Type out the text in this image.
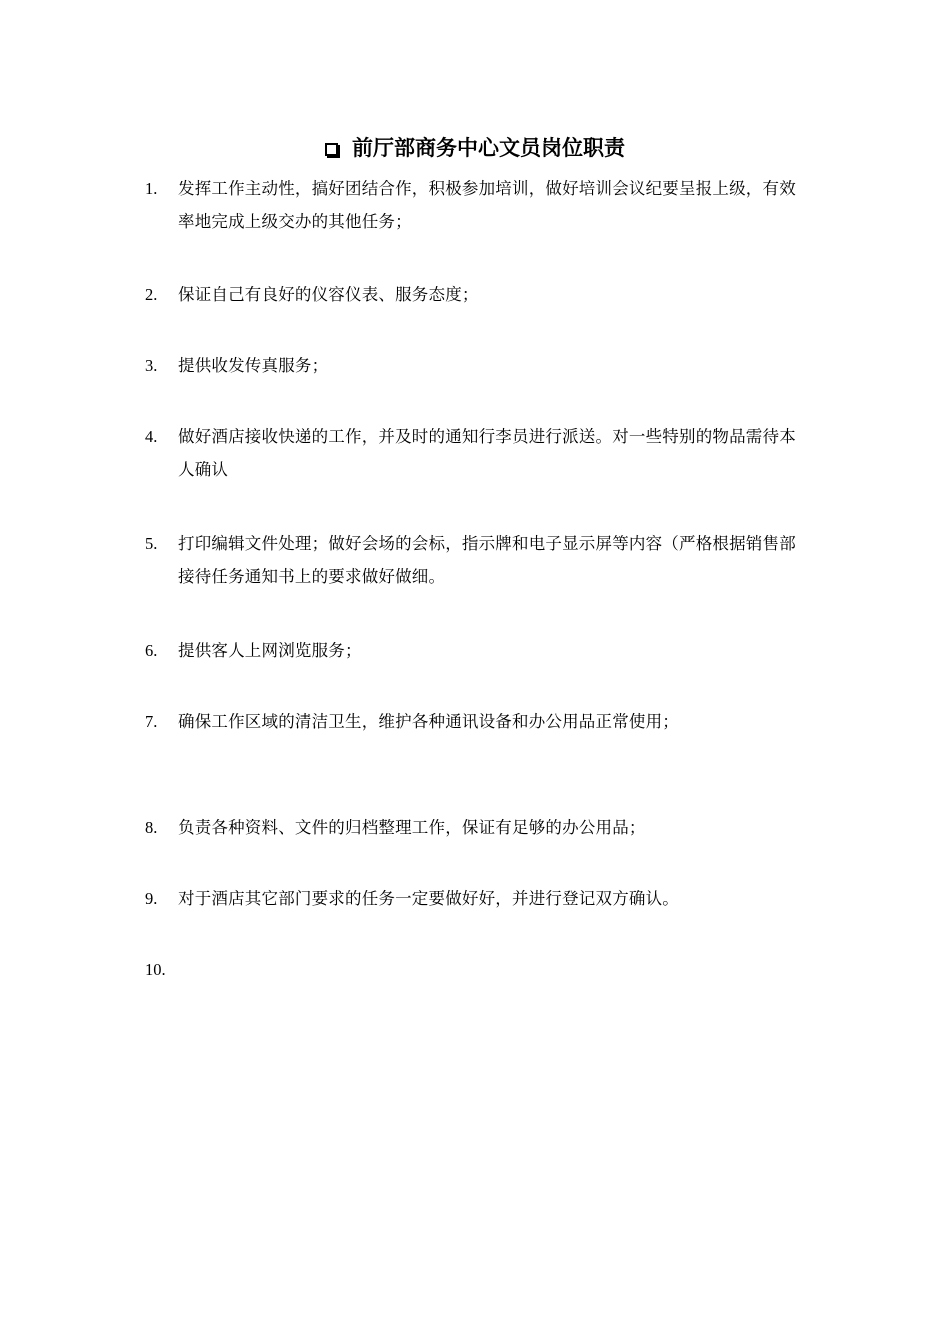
前厅部商务中心文员岗位职责
1.	发挥工作主动性，搞好团结合作，积极参加培训，做好培训会议纪要呈报上级，有效率地完成上级交办的其他任务；
2.	保证自己有良好的仪容仪表、服务态度；
3.	提供收发传真服务；
4.	做好酒店接收快递的工作，并及时的通知行李员进行派送。对一些特别的物品需待本人确认
5.	打印编辑文件处理；做好会场的会标，指示牌和电子显示屏等内容（严格根据销售部接待任务通知书上的要求做好做细。
6.	提供客人上网浏览服务；
7.	确保工作区域的清洁卫生，维护各种通讯设备和办公用品正常使用；
8.	负责各种资料、文件的归档整理工作，保证有足够的办公用品；
9.	对于酒店其它部门要求的任务一定要做好好，并进行登记双方确认。
10.
